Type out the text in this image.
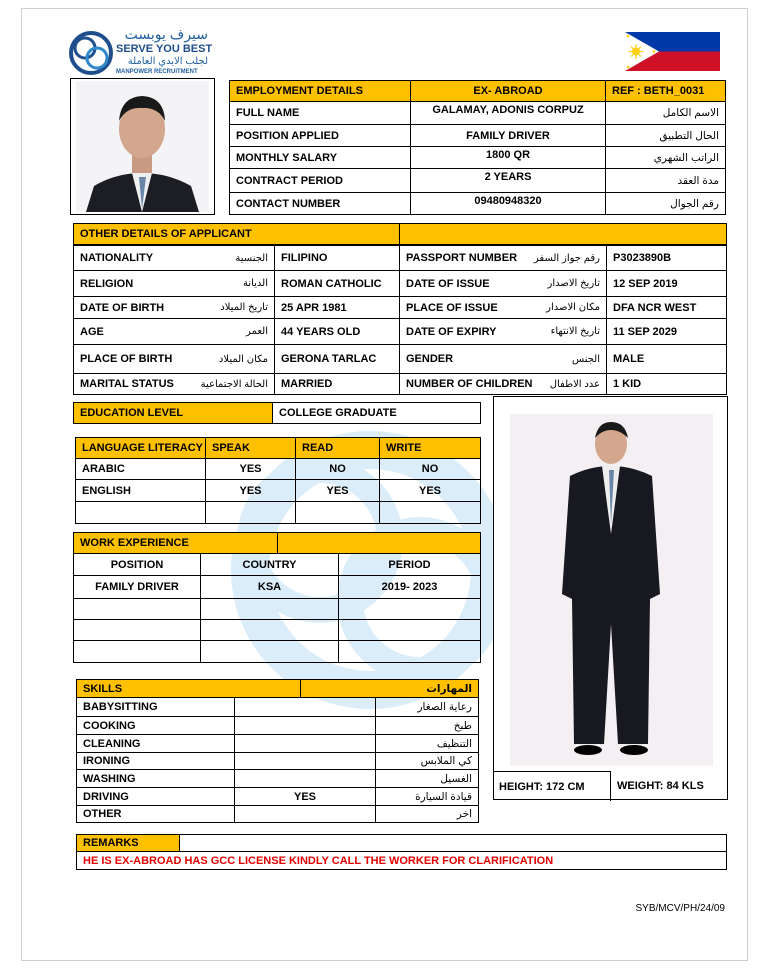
سيرف يوبست
SERVE YOU BEST
لجلب الايدي العاملة
MANPOWER RECRUITMENT
HEIGHT: 172 CM	WEIGHT: 84 KLS
EMPLOYMENT DETAILS	EX- ABROAD	REF : BETH_0031
FULL NAME	GALAMAY, ADONIS CORPUZ	الاسم الكامل
POSITION APPLIED	FAMILY DRIVER	الحال التطبيق
MONTHLY SALARY	1800 QR	الراتب الشهري
CONTRACT PERIOD	2 YEARS	مدة العقد
CONTACT NUMBER	09480948320	رقم الجوال
OTHER DETAILS OF APPLICANT
NATIONALITY	الجنسية	FILIPINO	PASSPORT NUMBER رقم جواز السفر	P3023890B
RELIGION	الديانة	ROMAN CATHOLIC	DATE OF ISSUE	تاريخ الاصدار	12 SEP 2019
DATE OF BIRTH	تاريخ الميلاد	25 APR 1981	PLACE OF ISSUE	مكان الاصدار	DFA NCR WEST
AGE	العمر	44 YEARS OLD	DATE OF EXPIRY	تاريخ الانتهاء	11 SEP 2029
PLACE OF BIRTH	مكان الميلاد	GERONA TARLAC	GENDER	الجنس	MALE
MARITAL STATUS	الحالة الاجتماعية	MARRIED	NUMBER OF CHILDREN عدد الاطفال	1 KID
EDUCATION LEVEL	COLLEGE GRADUATE
LANGUAGE LITERACY SPEAK	READ	WRITE
ARABIC	YES	NO	NO
ENGLISH	YES	YES	YES
WORK EXPERIENCE
POSITION	COUNTRY	PERIOD
FAMILY DRIVER	KSA	2019- 2023
SKILLS	المهارات
BABYSITTING	رعاية الصغار
COOKING	طبخ
CLEANING	التنظيف
IRONING	كي الملابس
WASHING	الغسيل
DRIVING	YES	قيادة السيارة
OTHER	اخر
REMARKS
HE IS EX-ABROAD HAS GCC LICENSE KINDLY CALL THE WORKER FOR CLARIFICATION
SYB/MCV/PH/24/09
